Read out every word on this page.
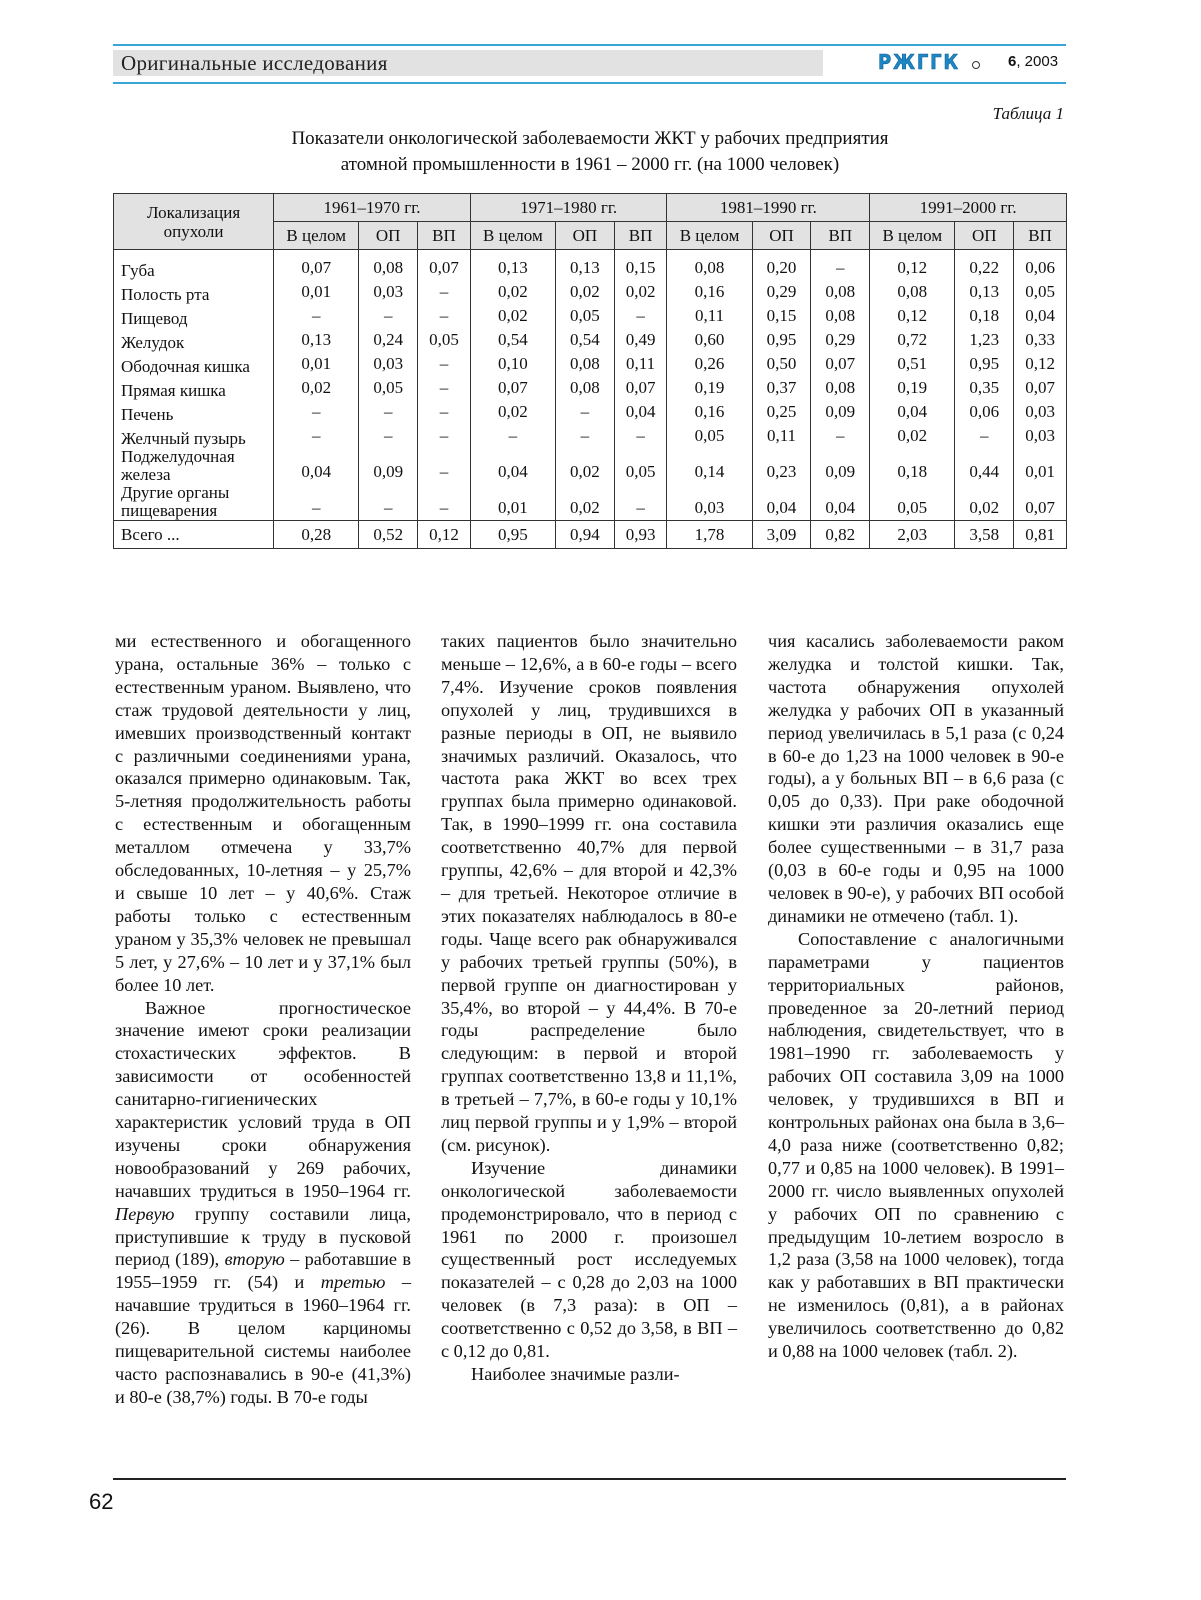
Оригинальные исследования	РЖГГК	6, 2003
Таблица 1
Показатели онкологической заболеваемости ЖКТ у рабочих предприятия
атомной промышленности в 1961 – 2000 гг. (на 1000 человек)
Локализация опухоли	1961–1970 гг.			1971–1980 гг.			1981–1990 гг.			1991–2000 гг.		
	В целом	ОП	ВП	В целом	ОП	ВП	В целом	ОП	ВП	В целом	ОП	ВП
Губа	0,07	0,08	0,07	0,13	0,13	0,15	0,08	0,20	–	0,12	0,22	0,06
Полость рта	0,01	0,03	–	0,02	0,02	0,02	0,16	0,29	0,08	0,08	0,13	0,05
Пищевод	–	–	–	0,02	0,05	–	0,11	0,15	0,08	0,12	0,18	0,04
Желудок	0,13	0,24	0,05	0,54	0,54	0,49	0,60	0,95	0,29	0,72	1,23	0,33
Ободочная кишка	0,01	0,03	–	0,10	0,08	0,11	0,26	0,50	0,07	0,51	0,95	0,12
Прямая кишка	0,02	0,05	–	0,07	0,08	0,07	0,19	0,37	0,08	0,19	0,35	0,07
Печень	–	–	–	0,02	–	0,04	0,16	0,25	0,09	0,04	0,06	0,03
Желчный пузырь	–	–	–	–	–	–	0,05	0,11	–	0,02	–	0,03
Поджелудочная железа	0,04	0,09	–	0,04	0,02	0,05	0,14	0,23	0,09	0,18	0,44	0,01
Другие органы пищеварения	–	–	–	0,01	0,02	–	0,03	0,04	0,04	0,05	0,02	0,07
Всего ...	0,28	0,52	0,12	0,95	0,94	0,93	1,78	3,09	0,82	2,03	3,58	0,81

ми естественного и обогащенного урана, остальные 36% – только с естественным ураном. Выявлено, что стаж трудовой деятельности у лиц, имевших производственный контакт с различными соединениями урана, оказался примерно одинаковым. Так, 5-летняя продолжительность работы с естественным и обогащенным металлом отмечена у 33,7% обследованных, 10-летняя – у 25,7% и свыше 10 лет – у 40,6%. Стаж работы только с естественным ураном у 35,3% человек не превышал 5 лет, у 27,6% – 10 лет и у 37,1% был более 10 лет.

Важное прогностическое значение имеют сроки реализации стохастических эффектов. В зависимости от особенностей санитарно-гигиенических характеристик условий труда в ОП изучены сроки обнаружения новообразований у 269 рабочих, начавших трудиться в 1950–1964 гг. Первую группу составили лица, приступившие к труду в пусковой период (189), вторую – работавшие в 1955–1959 гг. (54) и третью – начавшие трудиться в 1960–1964 гг. (26). В целом карциномы пищеварительной системы наиболее часто распознавались в 90-е (41,3%) и 80-е (38,7%) годы. В 70-е годы

таких пациентов было значительно меньше – 12,6%, а в 60-е годы – всего 7,4%. Изучение сроков появления опухолей у лиц, трудившихся в разные периоды в ОП, не выявило значимых различий. Оказалось, что частота рака ЖКТ во всех трех группах была примерно одинаковой. Так, в 1990–1999 гг. она составила соответственно 40,7% для первой группы, 42,6% – для второй и 42,3% – для третьей. Некоторое отличие в этих показателях наблюдалось в 80-е годы. Чаще всего рак обнаруживался у рабочих третьей группы (50%), в первой группе он диагностирован у 35,4%, во второй – у 44,4%. В 70-е годы распределение было следующим: в первой и второй группах соответственно 13,8 и 11,1%, в третьей – 7,7%, в 60-е годы у 10,1% лиц первой группы и у 1,9% – второй (см. рисунок).

Изучение динамики онкологической заболеваемости продемонстрировало, что в период с 1961 по 2000 г. произошел существенный рост исследуемых показателей – с 0,28 до 2,03 на 1000 человек (в 7,3 раза): в ОП – соответственно с 0,52 до 3,58, в ВП – с 0,12 до 0,81.

Наиболее значимые разли-

чия касались заболеваемости раком желудка и толстой кишки. Так, частота обнаружения опухолей желудка у рабочих ОП в указанный период увеличилась в 5,1 раза (с 0,24 в 60-е до 1,23 на 1000 человек в 90-е годы), а у больных ВП – в 6,6 раза (с 0,05 до 0,33). При раке ободочной кишки эти различия оказались еще более существенными – в 31,7 раза (0,03 в 60-е годы и 0,95 на 1000 человек в 90-е), у рабочих ВП особой динамики не отмечено (табл. 1).

Сопоставление с аналогичными параметрами у пациентов территориальных районов, проведенное за 20-летний период наблюдения, свидетельствует, что в 1981–1990 гг. заболеваемость у рабочих ОП составила 3,09 на 1000 человек, у трудившихся в ВП и контрольных районах она была в 3,6–4,0 раза ниже (соответственно 0,82; 0,77 и 0,85 на 1000 человек). В 1991–2000 гг. число выявленных опухолей у рабочих ОП по сравнению с предыдущим 10-летием возросло в 1,2 раза (3,58 на 1000 человек), тогда как у работавших в ВП практически не изменилось (0,81), а в районах увеличилось соответственно до 0,82 и 0,88 на 1000 человек (табл. 2).

62
